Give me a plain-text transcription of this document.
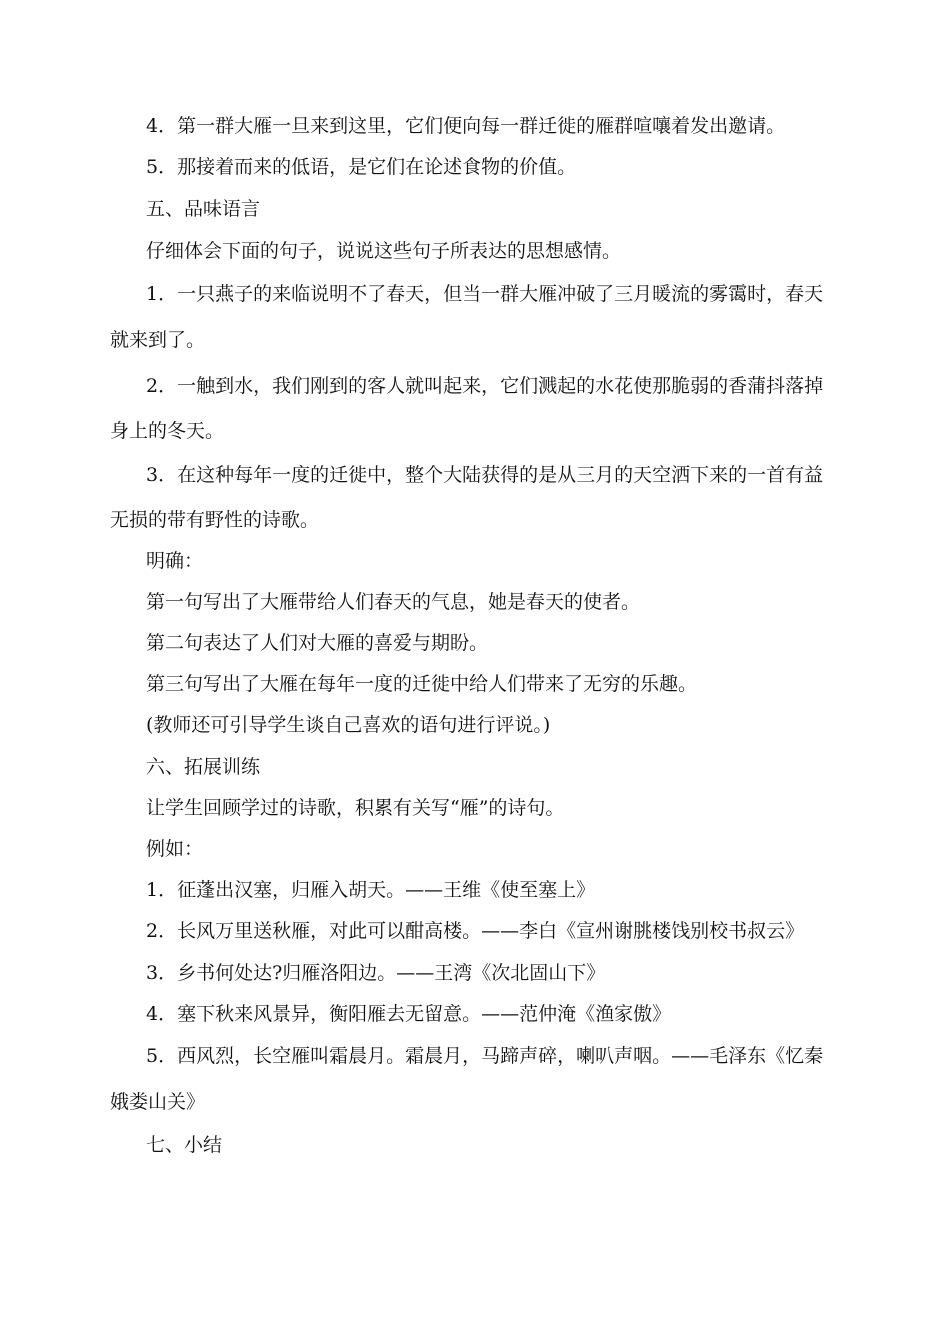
4．第一群大雁一旦来到这里，它们便向每一群迁徙的雁群喧嚷着发出邀请。
5．那接着而来的低语，是它们在论述食物的价值。
五、品味语言
仔细体会下面的句子，说说这些句子所表达的思想感情。
1．一只燕子的来临说明不了春天，但当一群大雁冲破了三月暖流的雾霭时，春天
就来到了。
2．一触到水，我们刚到的客人就叫起来，它们溅起的水花使那脆弱的香蒲抖落掉
身上的冬天。
3．在这种每年一度的迁徙中，整个大陆获得的是从三月的天空洒下来的一首有益
无损的带有野性的诗歌。
明确：
第一句写出了大雁带给人们春天的气息，她是春天的使者。
第二句表达了人们对大雁的喜爱与期盼。
第三句写出了大雁在每年一度的迁徙中给人们带来了无穷的乐趣。
(教师还可引导学生谈自己喜欢的语句进行评说。)
六、拓展训练
让学生回顾学过的诗歌，积累有关写“雁”的诗句。
例如：
1．征蓬出汉塞，归雁入胡天。——王维《使至塞上》
2．长风万里送秋雁，对此可以酣高楼。——李白《宣州谢朓楼饯别校书叔云》
3．乡书何处达?归雁洛阳边。——王湾《次北固山下》
4．塞下秋来风景异，衡阳雁去无留意。——范仲淹《渔家傲》
5．西风烈，长空雁叫霜晨月。霜晨月，马蹄声碎，喇叭声咽。——毛泽东《忆秦
娥娄山关》
七、小结
